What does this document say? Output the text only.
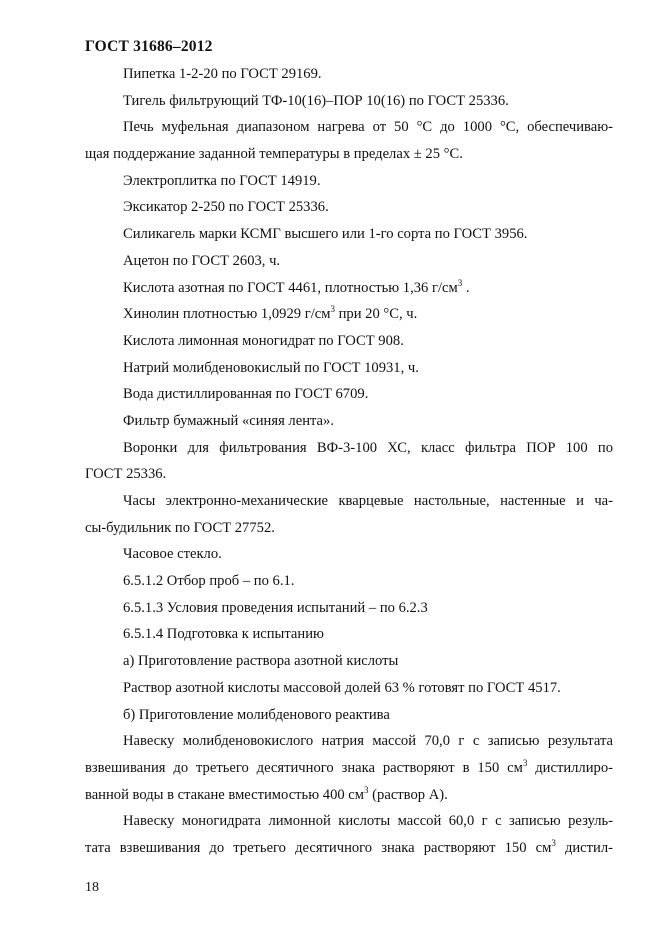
ГОСТ 31686–2012
Пипетка 1-2-20 по ГОСТ 29169.
Тигель фильтрующий ТФ-10(16)–ПОР 10(16) по ГОСТ 25336.
Печь муфельная диапазоном нагрева от 50 °С до 1000 °С, обеспечиваю-
щая поддержание заданной температуры в пределах ± 25 °С.
Электроплитка по ГОСТ 14919.
Эксикатор 2-250 по ГОСТ 25336.
Силикагель марки КСМГ высшего или 1-го сорта по ГОСТ 3956.
Ацетон по ГОСТ 2603, ч.
Кислота азотная по ГОСТ 4461, плотностью 1,36 $г/см^3$ .
Хинолин плотностью 1,0929 $г/см^3$ при 20 °С, ч.
Кислота лимонная моногидрат по ГОСТ 908.
Натрий молибденовокислый по ГОСТ 10931, ч.
Вода дистиллированная по ГОСТ 6709.
Фильтр бумажный «синяя лента».
Воронки для фильтрования ВФ-3-100 ХС, класс фильтра ПОР 100 по
ГОСТ 25336.
Часы электронно-механические кварцевые настольные, настенные и ча-
сы-будильник по ГОСТ 27752.
Часовое стекло.
6.5.1.2 Отбор проб – по 6.1.
6.5.1.3 Условия проведения испытаний – по 6.2.3
6.5.1.4 Подготовка к испытанию
а) Приготовление раствора азотной кислоты
Раствор азотной кислоты массовой долей 63 % готовят по ГОСТ 4517.
б) Приготовление молибденового реактива
Навеску молибденовокислого натрия массой 70,0 г с записью результата
взвешивания до третьего десятичного знака растворяют в 150 $см^3$ дистиллиро-
ванной воды в стакане вместимостью 400 $см^3$ (раствор А).
Навеску моногидрата лимонной кислоты массой 60,0 г с записью резуль-
тата взвешивания до третьего десятичного знака растворяют 150 $см^3$ дистил-
18
